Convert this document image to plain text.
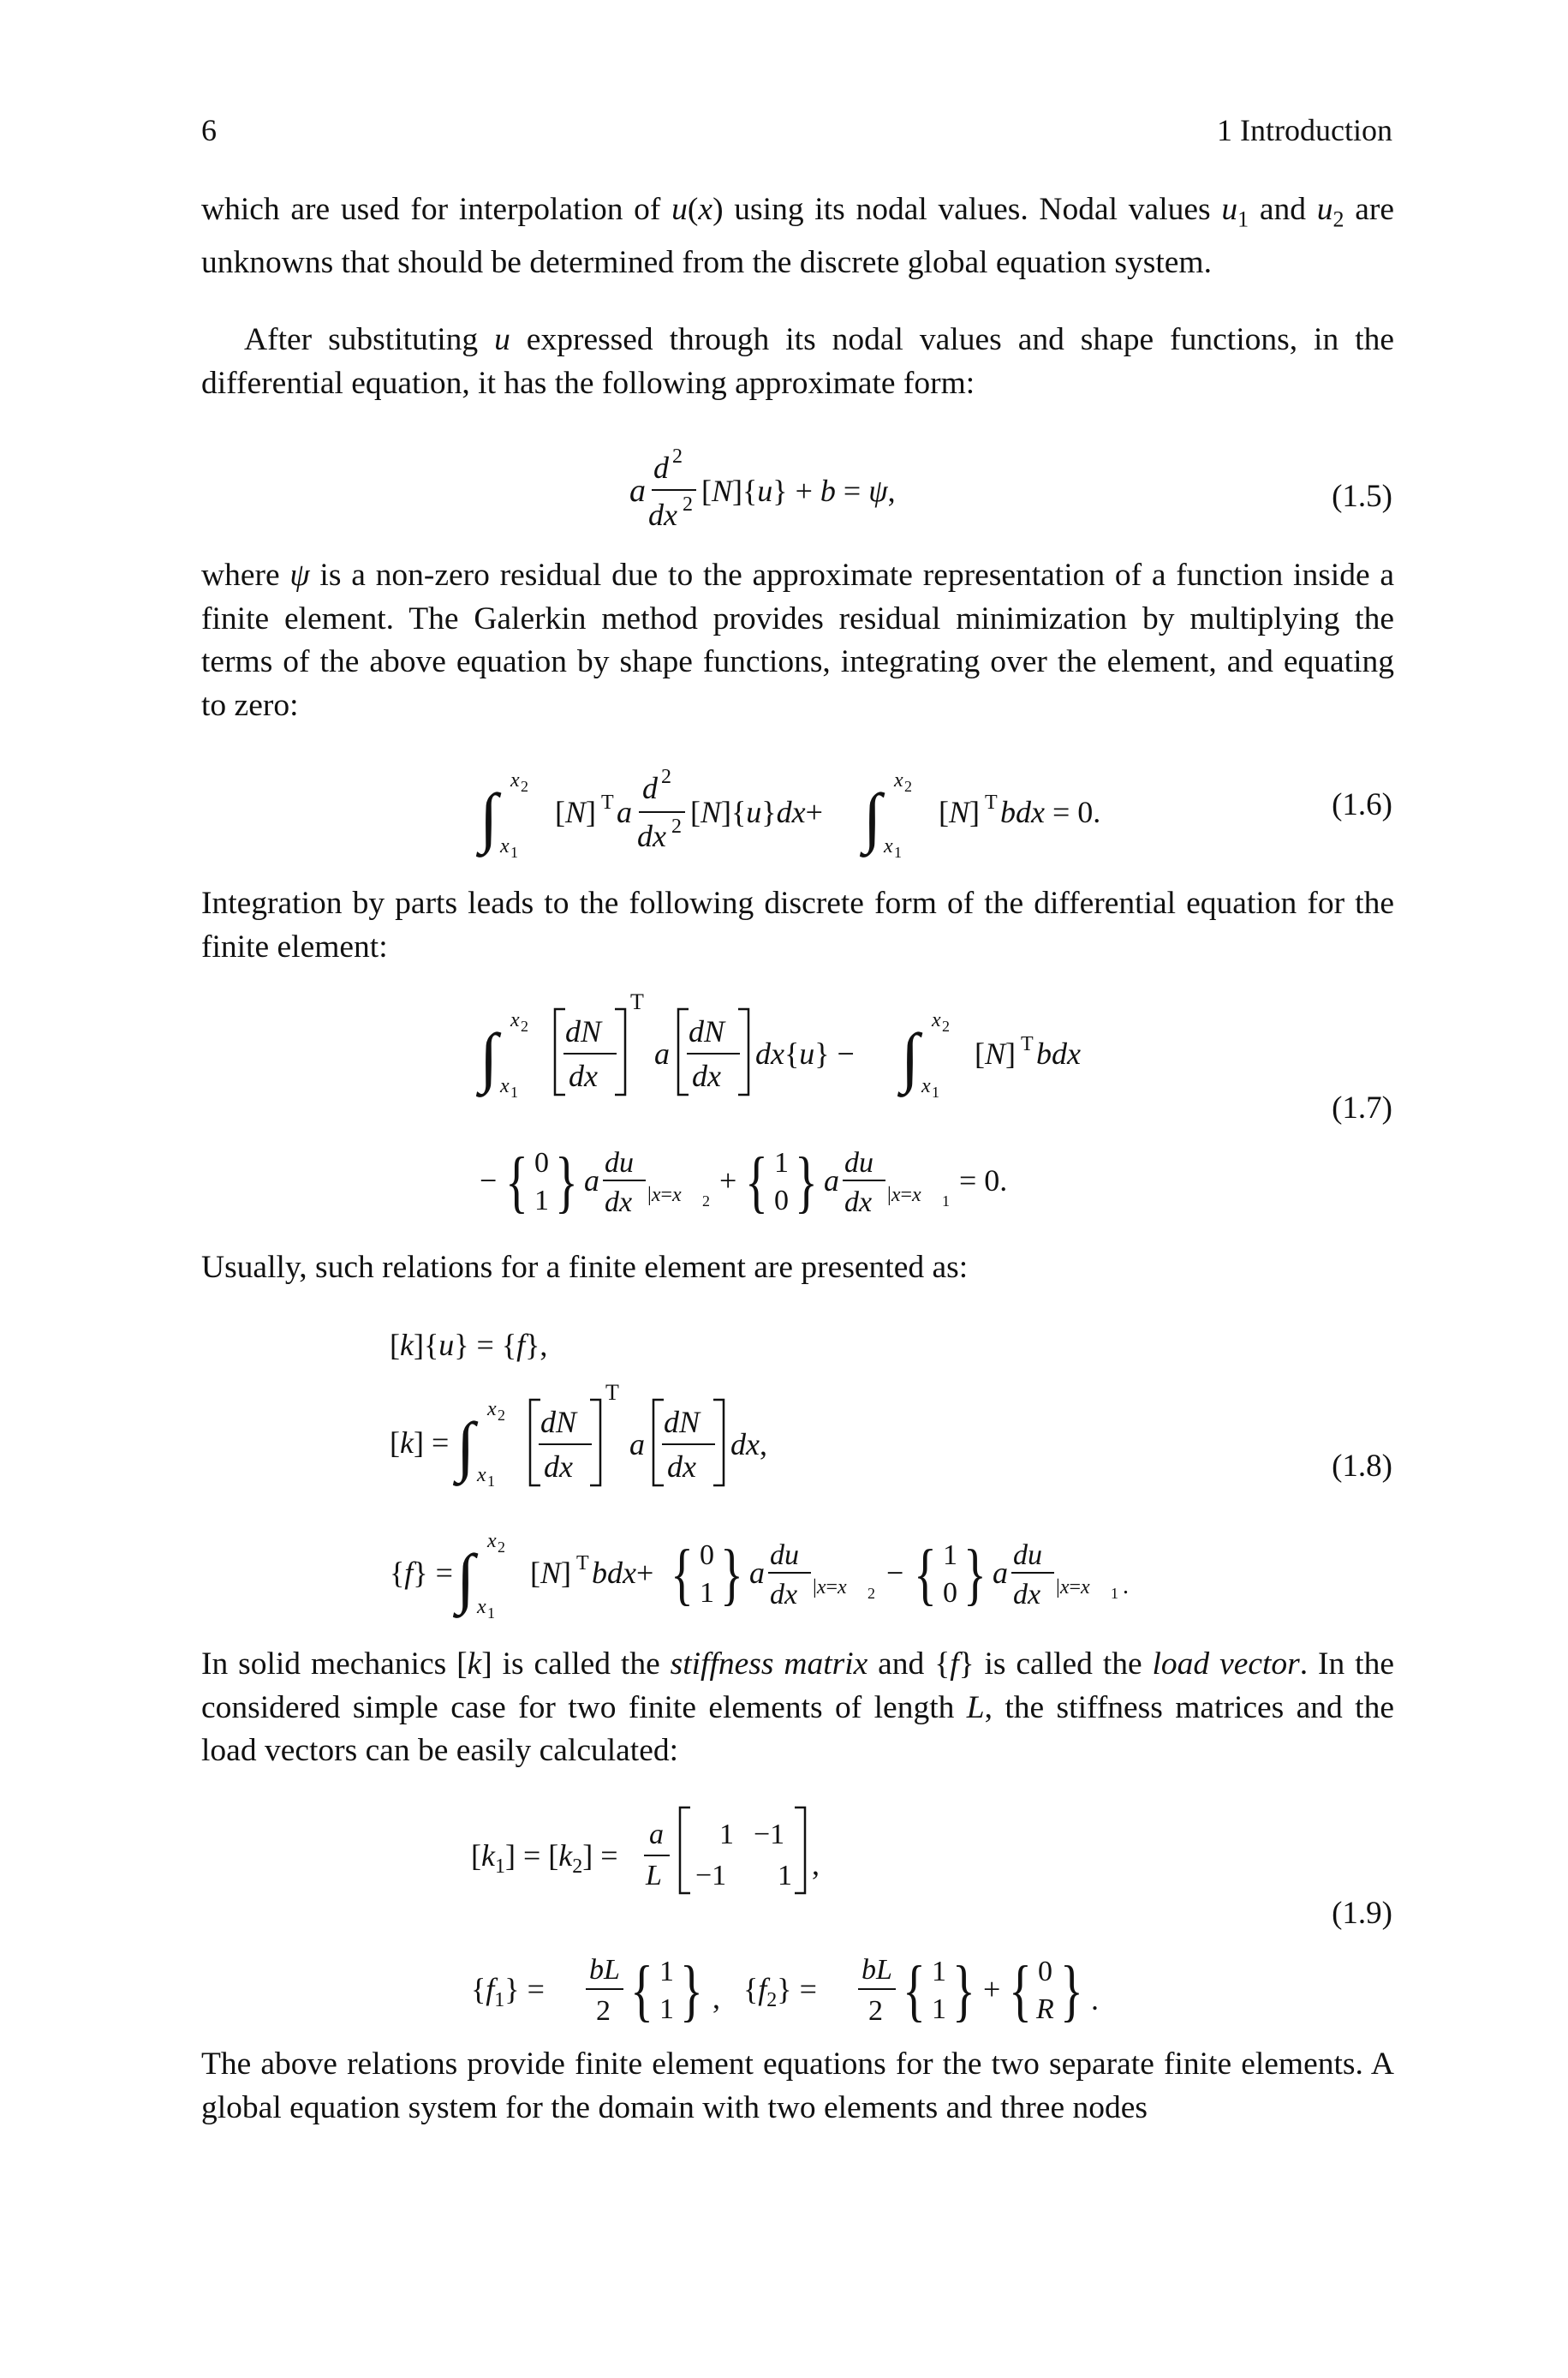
6	1 Introduction

which are used for interpolation of u(x) using its nodal values. Nodal values $u_1$ and $u_2$ are unknowns that should be determined from the discrete global equation system.

After substituting u expressed through its nodal values and shape functions, in the differential equation, it has the following approximate form:

a
d 2
dx 2 [N]{u} + b = ψ,	(1.5)

where ψ is a non-zero residual due to the approximate representation of a function inside a finite element. The Galerkin method provides residual minimization by multiplying the terms of the above equation by shape functions, integrating over the element, and equating to zero:

∫ x 2
x 1
[N] T a
d 2
dx 2 [N]{u}dx+ ∫ x 2
x 1
[N] T bdx = 0.	(1.6)

Integration by parts leads to the following discrete form of the differential equation for the finite element:

∫ x 2
x 1
dN
dx
T
a
dN
dx
dx{u} − ∫ x 2
x 1
[N] T bdx
− { 0
1 } a
du
dx |x=x 2
+ { 1
0 } a
du
dx |x=x 1
= 0.
(1.7)

Usually, such relations for a finite element are presented as:

[k]{u} = {f},
[k] = ∫ x 2
x 1
dN
dx
T
a
dN
dx
dx,
{f} = ∫ x 2
x 1
[N] T bdx+ { 0
1 } a
du
dx |x=x 2
− { 1
0 } a
du
dx |x=x 1 .
(1.8)

In solid mechanics [k] is called the stiffness matrix and {f} is called the load vector. In the considered simple case for two finite elements of length L, the stiffness matrices and the load vectors can be easily calculated:

$[k_1] = [k_2]$ =
a
L
1 −1
−1 1 ,
$\{f_1\}$ =
bL
2 { 1
1 } , $\{f_2\}$ =
bL
2 { 1
1 } + { 0
R } .
(1.9)

The above relations provide finite element equations for the two separate finite elements. A global equation system for the domain with two elements and three nodes
